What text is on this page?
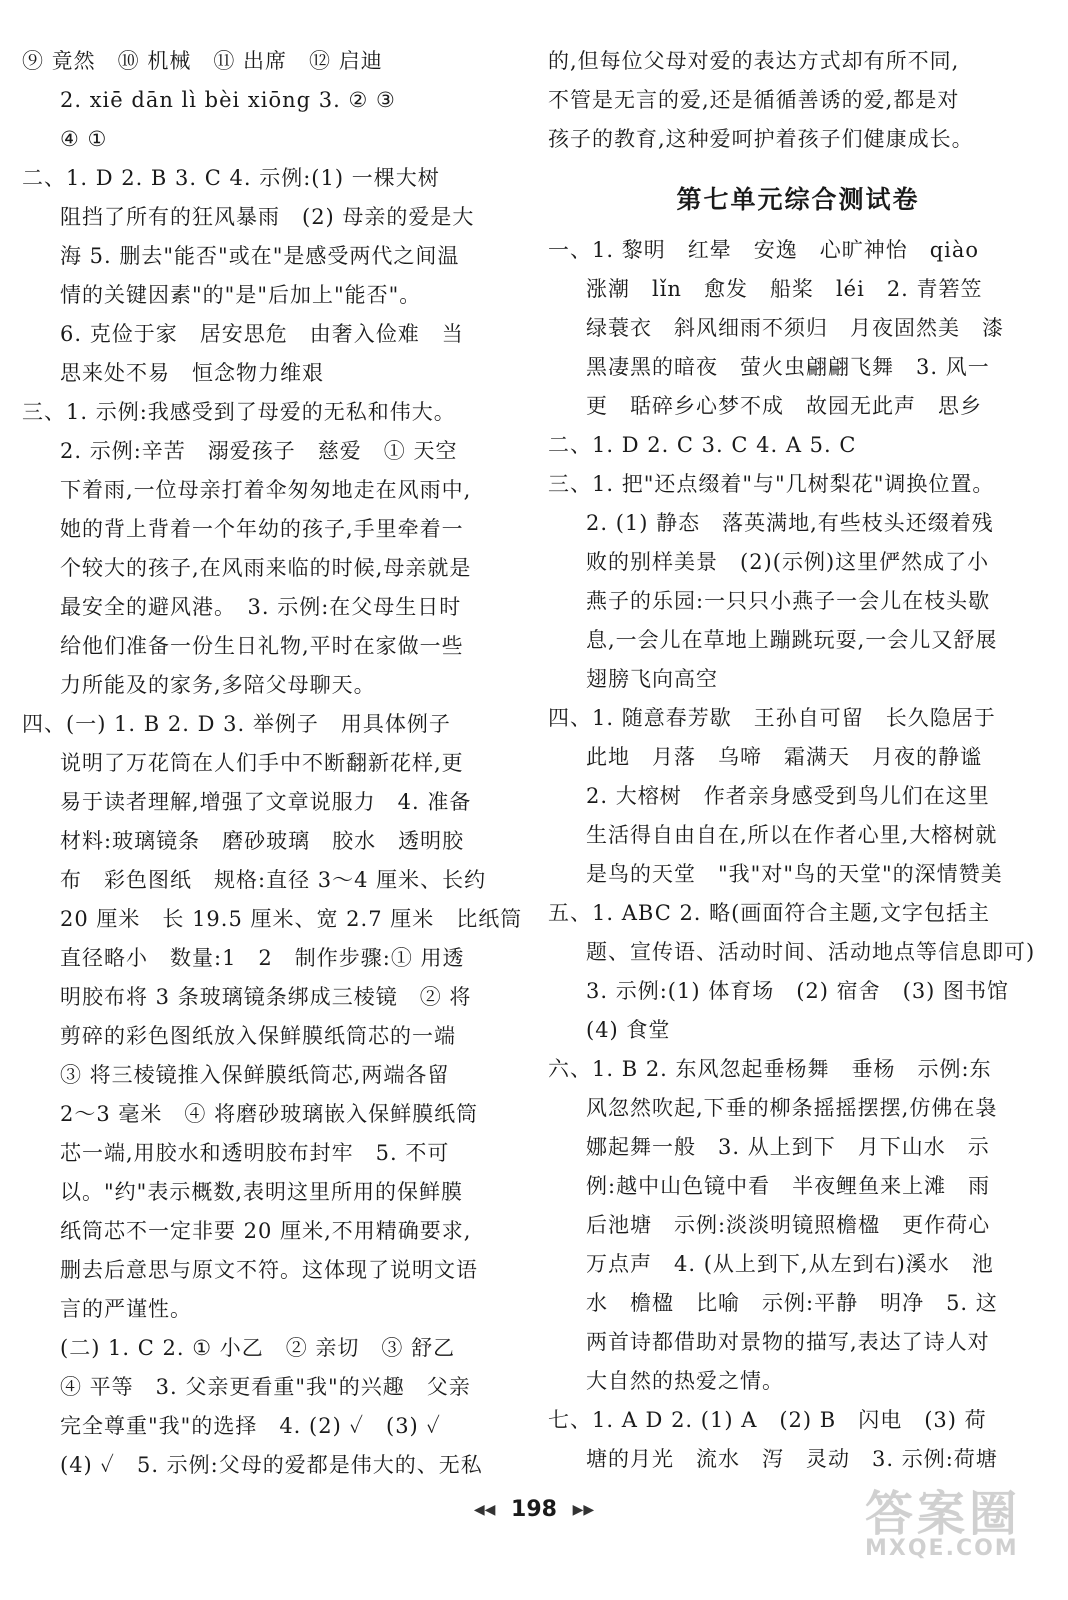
⑨ 竟然　⑩ 机械　⑪ 出席　⑫ 启迪
2. xiē dān lì bèi xiōng 3. ② ③
④ ①
二、1. D 2. B 3. C 4. 示例:(1) 一棵大树
阻挡了所有的狂风暴雨　(2) 母亲的爱是大
海 5. 删去"能否"或在"是感受两代之间温
情的关键因素"的"是"后加上"能否"。
6. 克俭于家　居安思危　由奢入俭难　当
思来处不易　恒念物力维艰
三、1. 示例:我感受到了母爱的无私和伟大。
2. 示例:辛苦　溺爱孩子　慈爱　① 天空
下着雨,一位母亲打着伞匆匆地走在风雨中,
她的背上背着一个年幼的孩子,手里牵着一
个较大的孩子,在风雨来临的时候,母亲就是
最安全的避风港。　3. 示例:在父母生日时
给他们准备一份生日礼物,平时在家做一些
力所能及的家务,多陪父母聊天。
四、(一) 1. B 2. D 3. 举例子　用具体例子
说明了万花筒在人们手中不断翻新花样,更
易于读者理解,增强了文章说服力　4. 准备
材料:玻璃镜条　磨砂玻璃　胶水　透明胶
布　彩色图纸　规格:直径 3～4 厘米、长约
20 厘米　长 19.5 厘米、宽 2.7 厘米　比纸筒
直径略小　数量:1　2　制作步骤:① 用透
明胶布将 3 条玻璃镜条绑成三棱镜　② 将
剪碎的彩色图纸放入保鲜膜纸筒芯的一端
③ 将三棱镜推入保鲜膜纸筒芯,两端各留
2～3 毫米　④ 将磨砂玻璃嵌入保鲜膜纸筒
芯一端,用胶水和透明胶布封牢　5. 不可
以。"约"表示概数,表明这里所用的保鲜膜
纸筒芯不一定非要 20 厘米,不用精确要求,
删去后意思与原文不符。这体现了说明文语
言的严谨性。
(二) 1. C 2. ① 小乙　② 亲切　③ 舒乙
④ 平等　3. 父亲更看重"我"的兴趣　父亲
完全尊重"我"的选择　4. (2) ✓　(3) ✓
(4) ✓　5. 示例:父母的爱都是伟大的、无私
的,但每位父母对爱的表达方式却有所不同,
不管是无言的爱,还是循循善诱的爱,都是对
孩子的教育,这种爱呵护着孩子们健康成长。
第七单元综合测试卷
一、1. 黎明　红晕　安逸　心旷神怡　qiào
涨潮　lǐn　愈发　船桨　léi　2. 青箬笠
绿蓑衣　斜风细雨不须归　月夜固然美　漆
黑凄黑的暗夜　萤火虫翩翩飞舞　3. 风一
更　聒碎乡心梦不成　故园无此声　思乡
二、1. D 2. C 3. C 4. A 5. C
三、1. 把"还点缀着"与"几树梨花"调换位置。
2. (1) 静态　落英满地,有些枝头还缀着残
败的别样美景　(2)(示例)这里俨然成了小
燕子的乐园:一只只小燕子一会儿在枝头歇
息,一会儿在草地上蹦跳玩耍,一会儿又舒展
翅膀飞向高空
四、1. 随意春芳歇　王孙自可留　长久隐居于
此地　月落　乌啼　霜满天　月夜的静谧
2. 大榕树　作者亲身感受到鸟儿们在这里
生活得自由自在,所以在作者心里,大榕树就
是鸟的天堂　"我"对"鸟的天堂"的深情赞美
五、1. ABC 2. 略(画面符合主题,文字包括主
题、宣传语、活动时间、活动地点等信息即可)
3. 示例:(1) 体育场　(2) 宿舍　(3) 图书馆
(4) 食堂
六、1. B 2. 东风忽起垂杨舞　垂杨　示例:东
风忽然吹起,下垂的柳条摇摇摆摆,仿佛在袅
娜起舞一般　3. 从上到下　月下山水　示
例:越中山色镜中看　半夜鲤鱼来上滩　雨
后池塘　示例:淡淡明镜照檐楹　更作荷心
万点声　4. (从上到下,从左到右)溪水　池
水　檐楹　比喻　示例:平静　明净　5. 这
两首诗都借助对景物的描写,表达了诗人对
大自然的热爱之情。
七、1. A D 2. (1) A　(2) B　闪电　(3) 荷
塘的月光　流水　泻　灵动　3. 示例:荷塘
◀◀ 198 ▶▶	答案圈
MXQE.COM
